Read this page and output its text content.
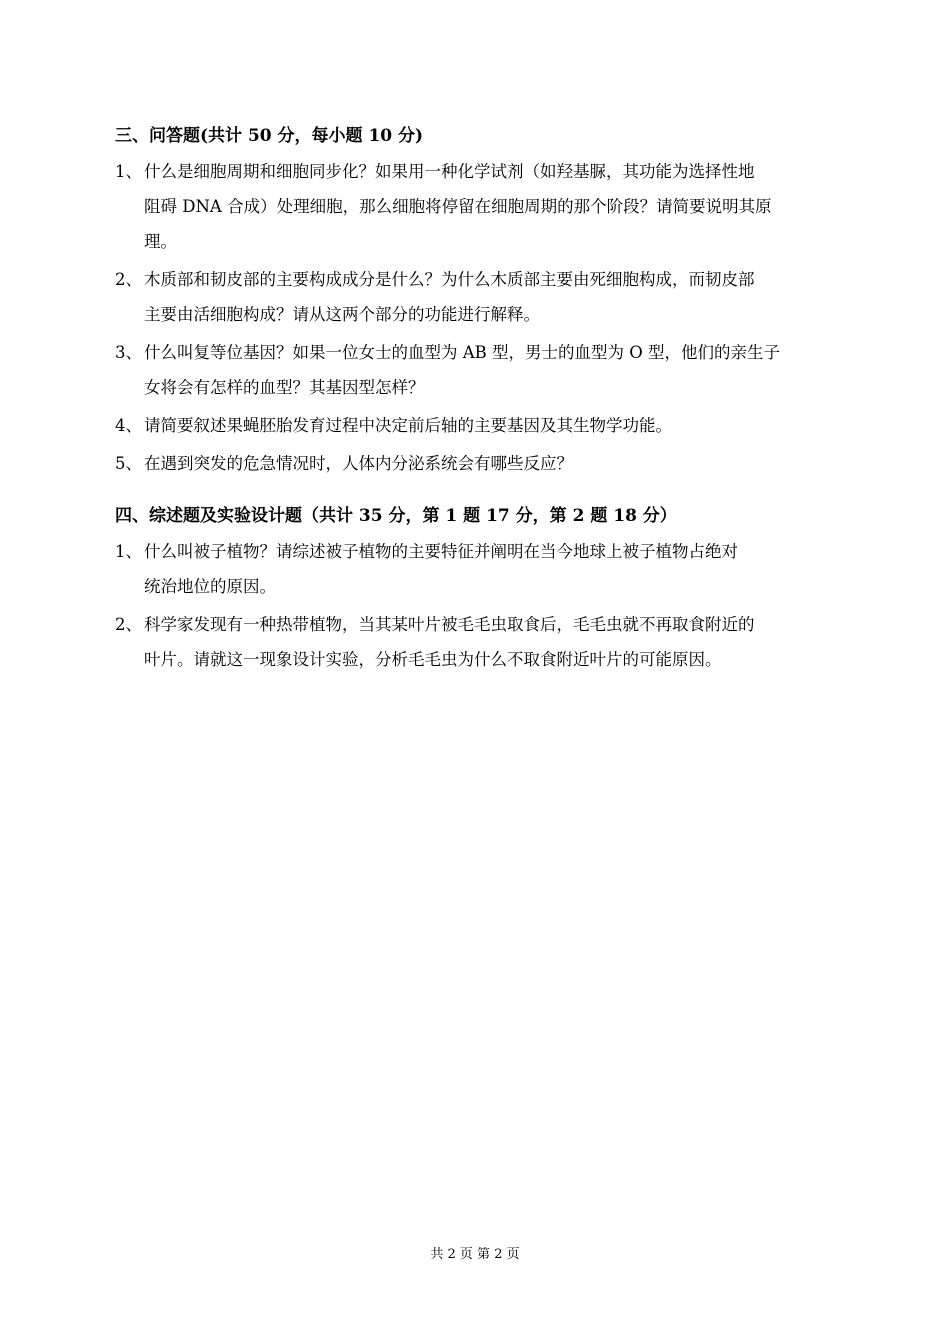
三、问答题(共计 50 分，每小题 10 分)
1、 什么是细胞周期和细胞同步化？如果用一种化学试剂（如羟基脲，其功能为选择性地
阻碍 DNA 合成）处理细胞，那么细胞将停留在细胞周期的那个阶段？请简要说明其原
理。
2、 木质部和韧皮部的主要构成成分是什么？为什么木质部主要由死细胞构成，而韧皮部
主要由活细胞构成？请从这两个部分的功能进行解释。
3、 什么叫复等位基因？如果一位女士的血型为 AB 型，男士的血型为 O 型，他们的亲生子
女将会有怎样的血型？其基因型怎样？
4、 请简要叙述果蝇胚胎发育过程中决定前后轴的主要基因及其生物学功能。
5、 在遇到突发的危急情况时，人体内分泌系统会有哪些反应？
四、综述题及实验设计题（共计 35 分，第 1 题 17 分，第 2 题 18 分）
1、 什么叫被子植物？请综述被子植物的主要特征并阐明在当今地球上被子植物占绝对
统治地位的原因。
2、 科学家发现有一种热带植物，当其某叶片被毛毛虫取食后，毛毛虫就不再取食附近的
叶片。请就这一现象设计实验，分析毛毛虫为什么不取食附近叶片的可能原因。
共 2 页 第 2 页
